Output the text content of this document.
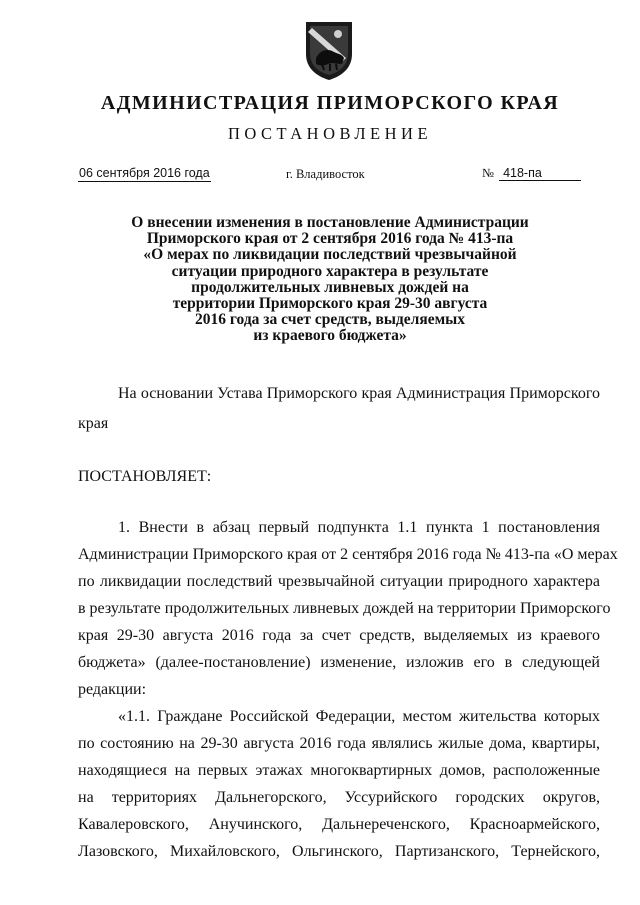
АДМИНИСТРАЦИЯ ПРИМОРСКОГО КРАЯ
ПОСТАНОВЛЕНИЕ
06 сентября 2016 года	г. Владивосток	№ 418-па
О внесении изменения в постановление Администрации
Приморского края от 2 сентября 2016 года № 413-па
«О мерах по ликвидации последствий чрезвычайной
ситуации природного характера в результате
продолжительных ливневых дождей на
территории Приморского края 29-30 августа
2016 года за счет средств, выделяемых
из краевого бюджета»
На основании Устава Приморского края Администрация Приморского
края
ПОСТАНОВЛЯЕТ:
1. Внести в абзац первый подпункта 1.1 пункта 1 постановления
Администрации Приморского края от 2 сентября 2016 года № 413-па «О мерах
по ликвидации последствий чрезвычайной ситуации природного характера
в результате продолжительных ливневых дождей на территории Приморского
края 29-30 августа 2016 года за счет средств, выделяемых из краевого
бюджета» (далее-постановление) изменение, изложив его в следующей
редакции:
«1.1. Граждане Российской Федерации, местом жительства которых
по состоянию на 29-30 августа 2016 года являлись жилые дома, квартиры,
находящиеся на первых этажах многоквартирных домов, расположенные
на территориях Дальнегорского, Уссурийского городских округов,
Кавалеровского, Анучинского, Дальнереченского, Красноармейского,
Лазовского, Михайловского, Ольгинского, Партизанского, Тернейского,
